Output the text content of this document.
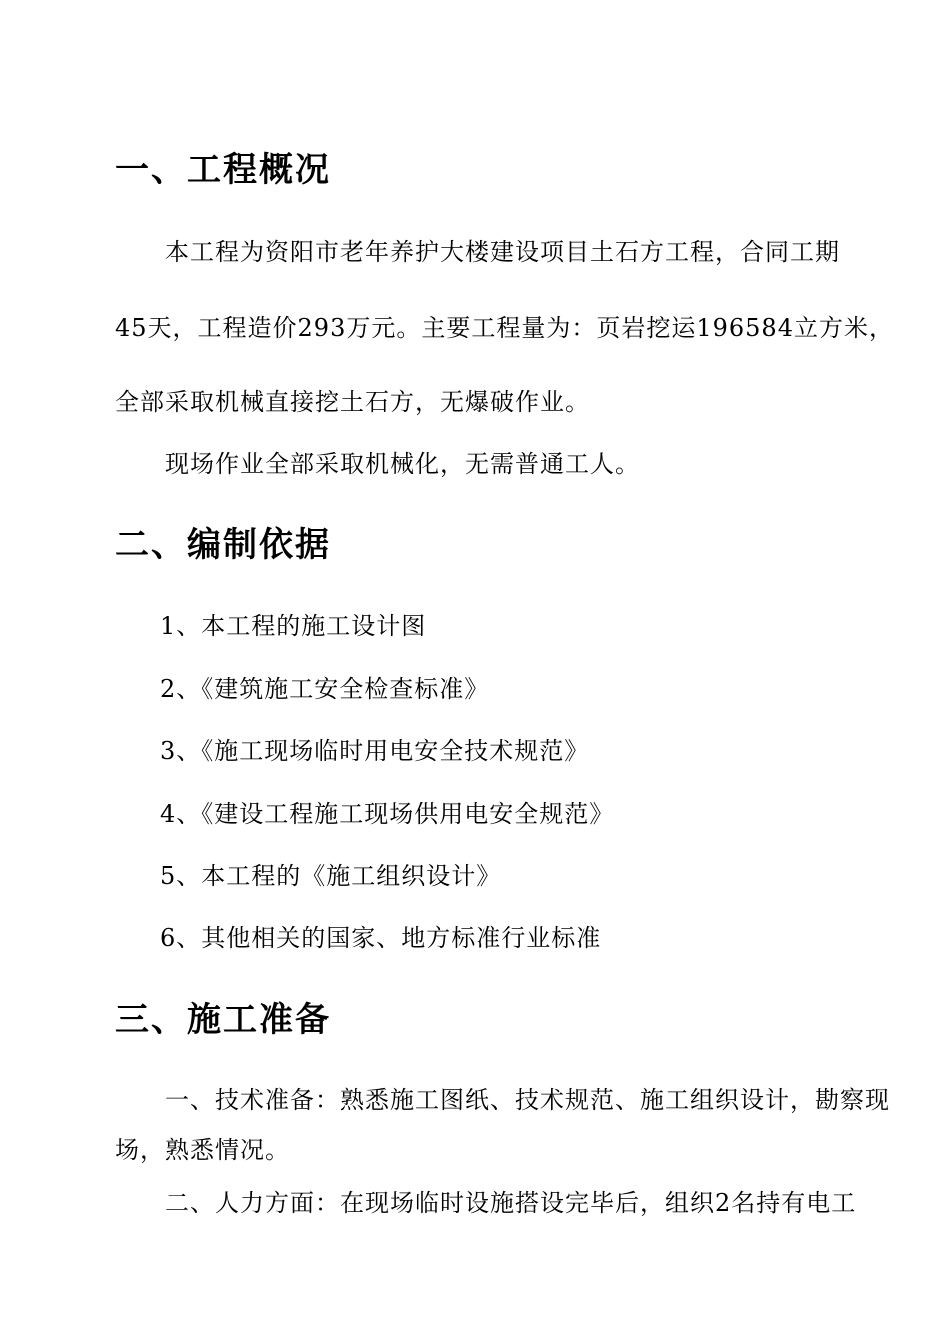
一、工程概况
本工程为资阳市老年养护大楼建设项目土石方工程，合同工期
45天，工程造价293万元。主要工程量为：页岩挖运196584立方米，
全部采取机械直接挖土石方，无爆破作业。
现场作业全部采取机械化，无需普通工人。
二、编制依据
1、本工程的施工设计图
2、《建筑施工安全检查标准》
3、《施工现场临时用电安全技术规范》
4、《建设工程施工现场供用电安全规范》
5、本工程的《施工组织设计》
6、其他相关的国家、地方标准行业标准
三、施工准备
一、技术准备：熟悉施工图纸、技术规范、施工组织设计，勘察现
场，熟悉情况。
二、人力方面：在现场临时设施搭设完毕后，组织2名持有电工
